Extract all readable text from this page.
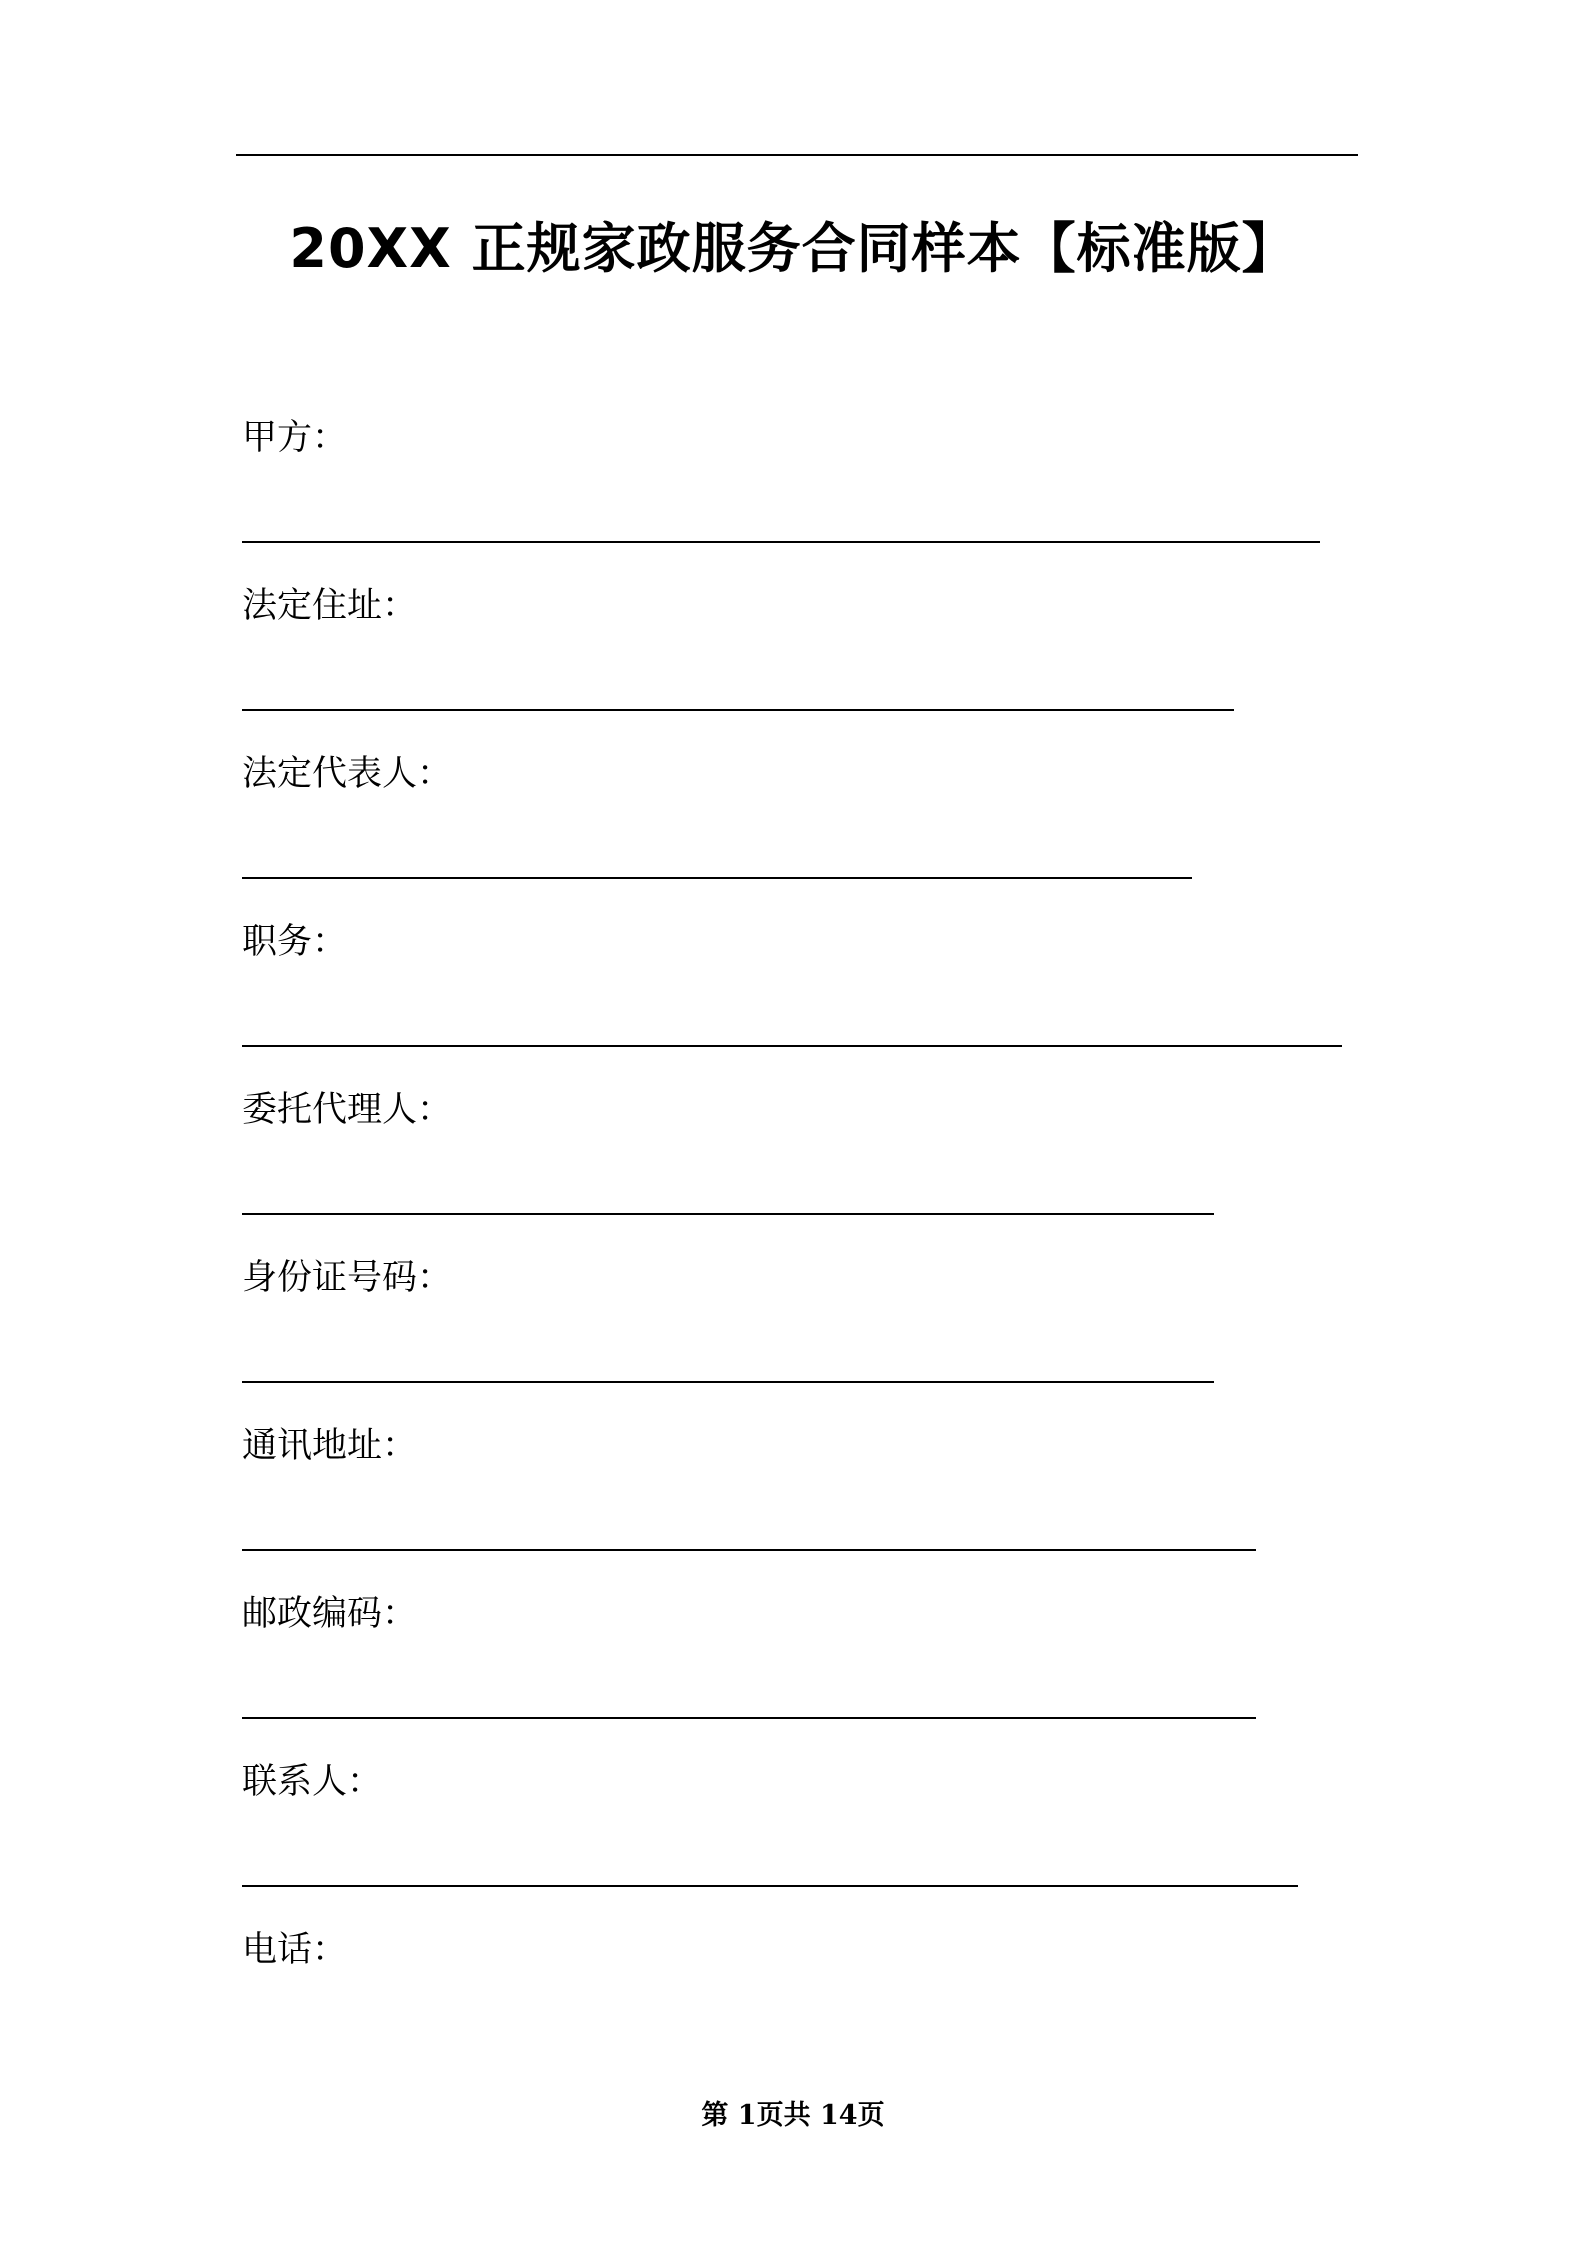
20XX 正规家政服务合同样本【标准版】
甲方：
法定住址：
法定代表人：
职务：
委托代理人：
身份证号码：
通讯地址：
邮政编码：
联系人：
电话：
第 1页共 14页
